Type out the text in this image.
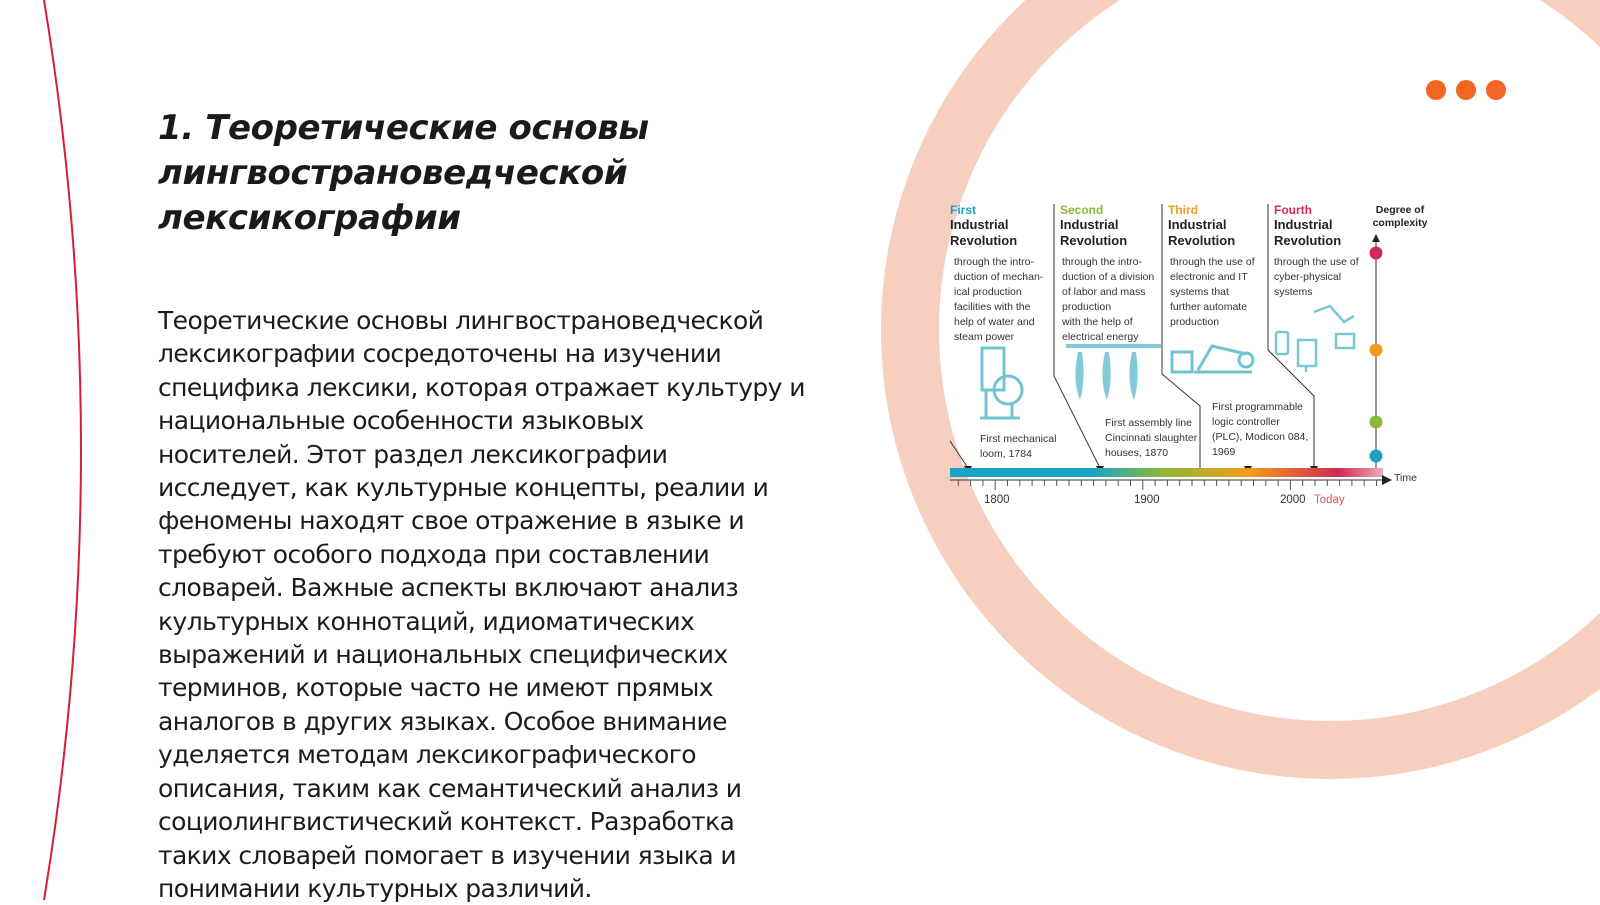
1. Теоретические основы
лингвострановедческой
лексикографии

Теоретические основы лингвострановедческой
лексикографии сосредоточены на изучении
специфика лексики, которая отражает культуру и
национальные особенности языковых
носителей. Этот раздел лексикографии
исследует, как культурные концепты, реалии и
феномены находят свое отражение в языке и
требуют особого подхода при составлении
словарей. Важные аспекты включают анализ
культурных коннотаций, идиоматических
выражений и национальных специфических
терминов, которые часто не имеют прямых
аналогов в других языках. Особое внимание
уделяется методам лексикографического
описания, таким как семантический анализ и
социолингвистический контекст. Разработка
таких словарей помогает в изучении языка и
понимании культурных различий.

First
Industrial
Revolution
through the intro-
duction of mechan-
ical production
facilities with the
help of water and
steam power
Second
Industrial
Revolution
through the intro-
duction of a division
of labor and mass
production
with the help of
electrical energy
Third
Industrial
Revolution
through the use of
electronic and IT
systems that
further automate
production
Fourth
Industrial
Revolution
through the use of
cyber-physical
systems
Degree of
complexity
First mechanical
loom, 1784
First assembly line
Cincinnati slaughter
houses, 1870
First programmable
logic controller
(PLC), Modicon 084,
1969
1800	1900	2000 Today
Time
